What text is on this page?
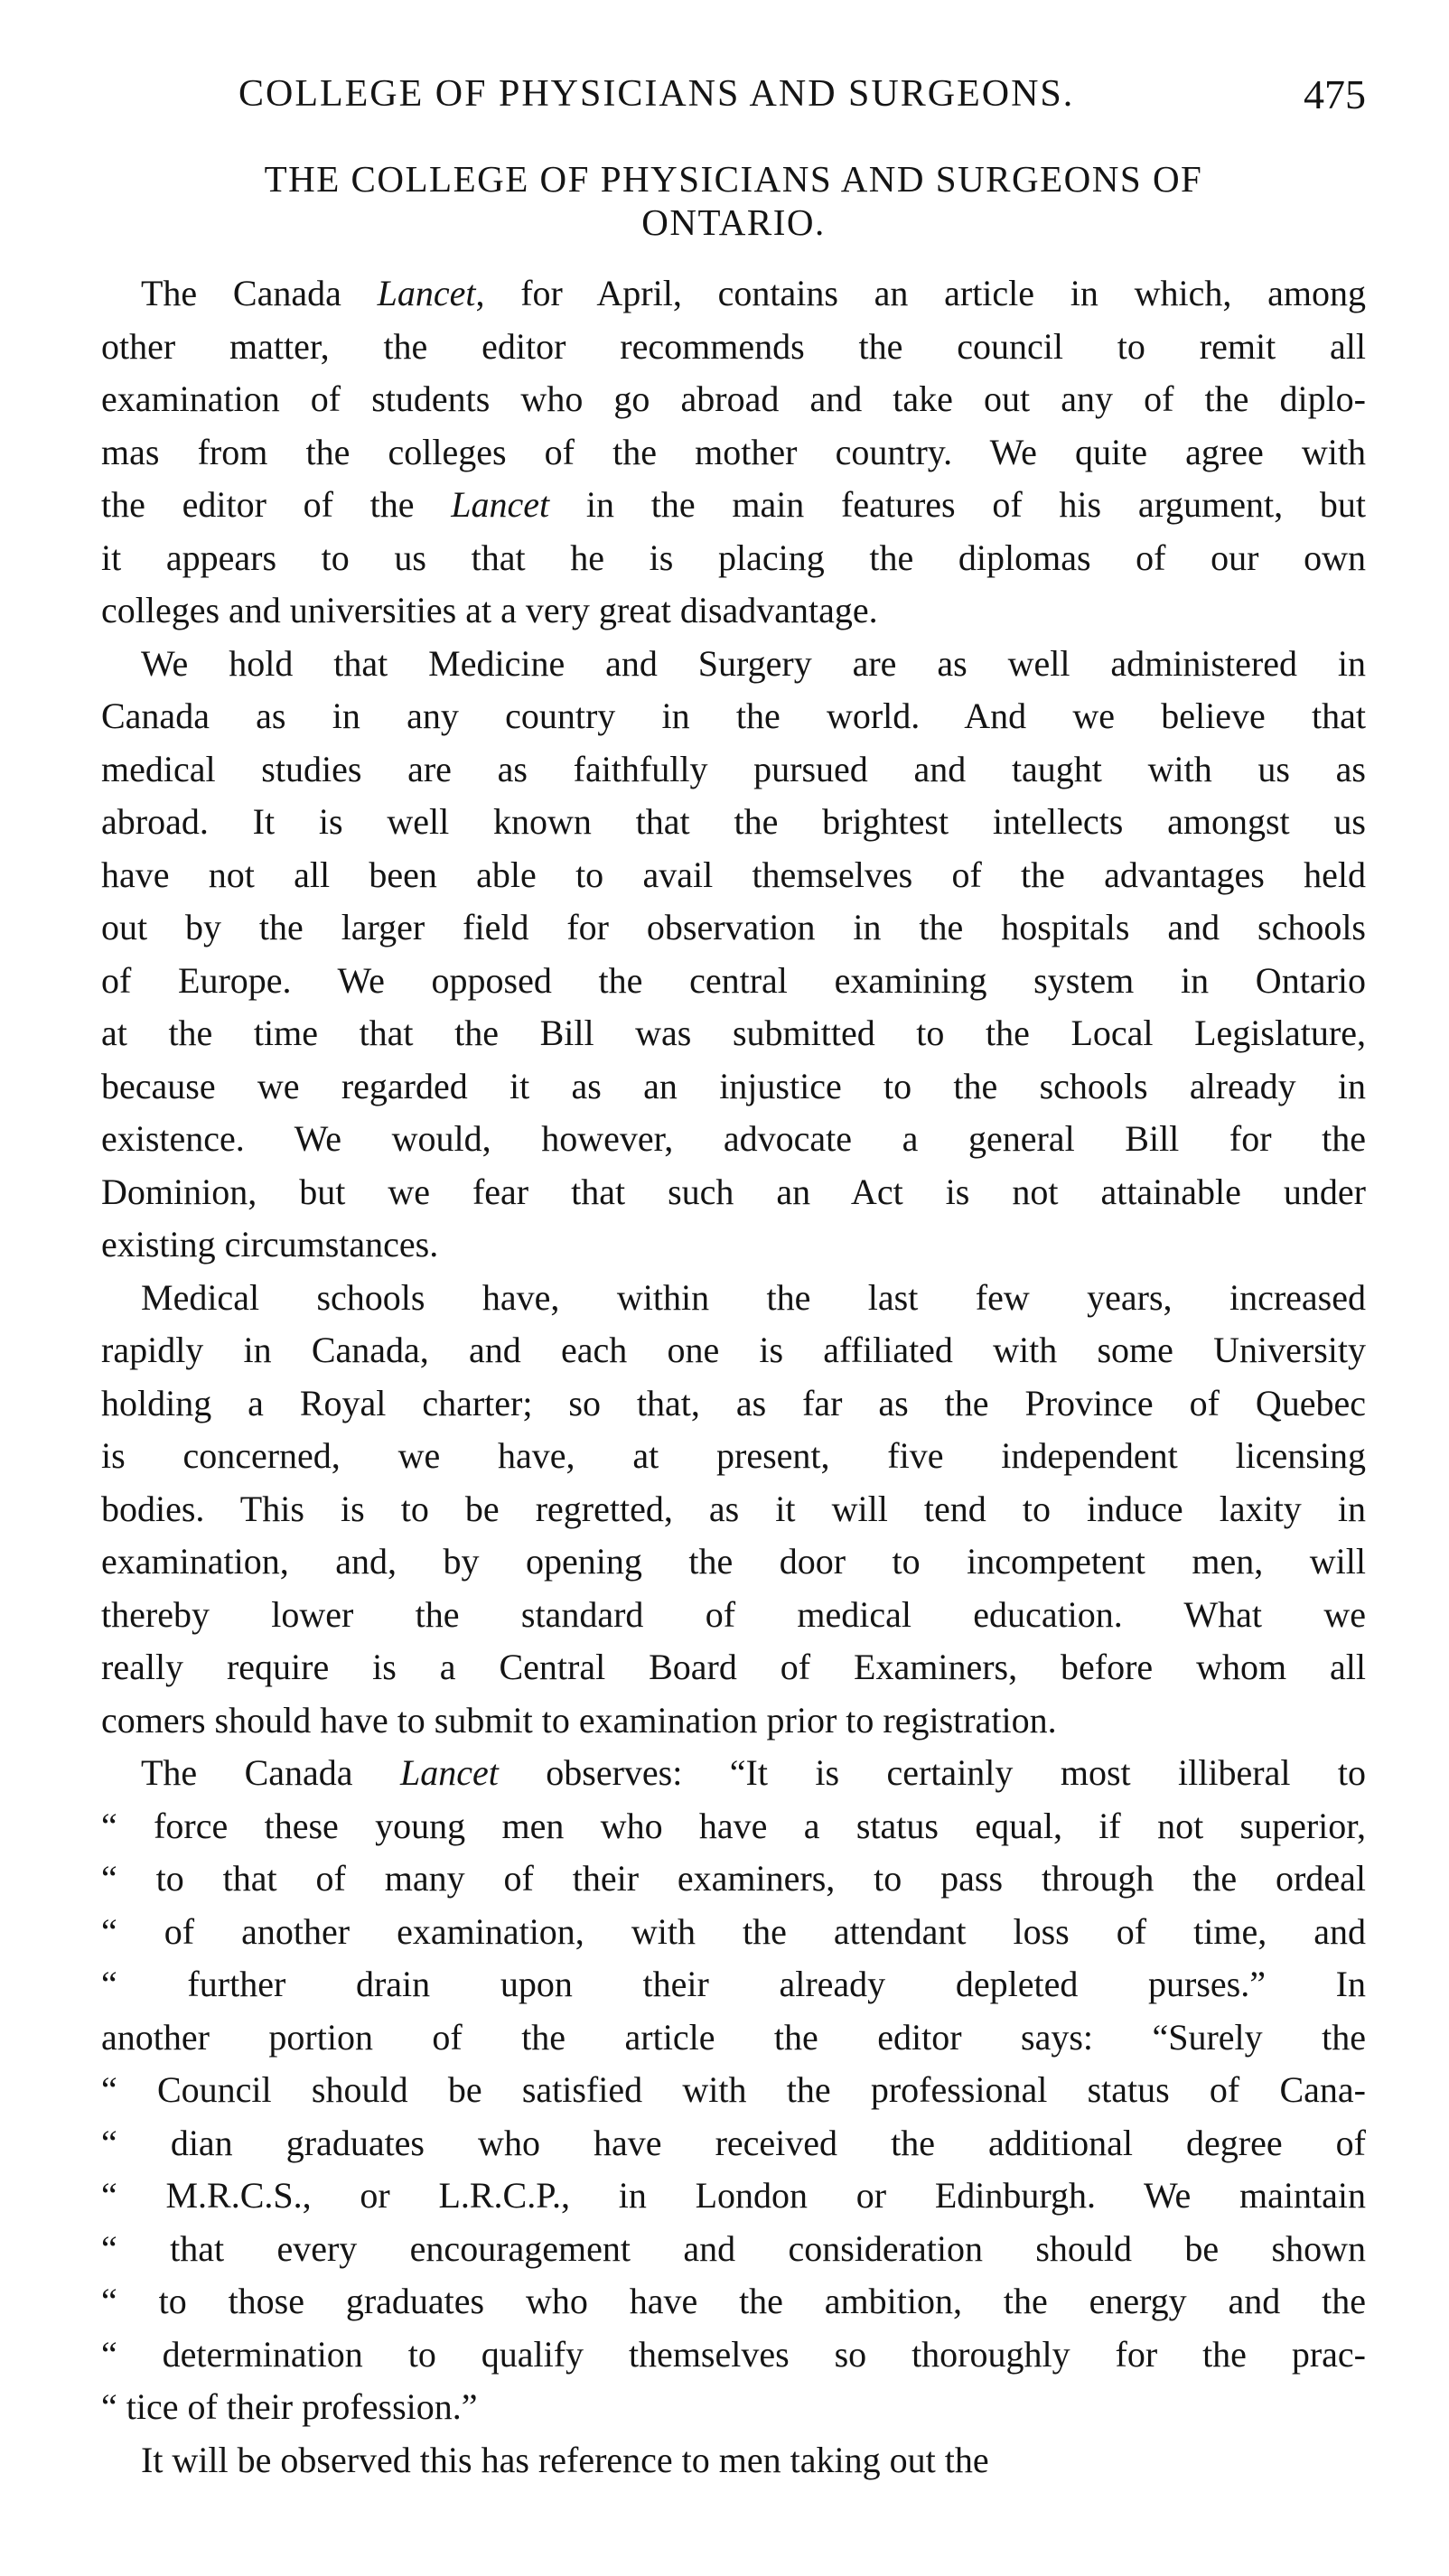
COLLEGE OF PHYSICIANS AND SURGEONS.	475
THE COLLEGE OF PHYSICIANS AND SURGEONS OF
ONTARIO.

The Canada Lancet, for April, contains an article in which, among
other matter, the editor recommends the council to remit all
examination of students who go abroad and take out any of the diplo-
mas from the colleges of the mother country. We quite agree with
the editor of the Lancet in the main features of his argument, but
it appears to us that he is placing the diplomas of our own
colleges and universities at a very great disadvantage.

We hold that Medicine and Surgery are as well administered in
Canada as in any country in the world. And we believe that
medical studies are as faithfully pursued and taught with us as
abroad. It is well known that the brightest intellects amongst us
have not all been able to avail themselves of the advantages held
out by the larger field for observation in the hospitals and schools
of Europe. We opposed the central examining system in Ontario
at the time that the Bill was submitted to the Local Legislature,
because we regarded it as an injustice to the schools already in
existence. We would, however, advocate a general Bill for the
Dominion, but we fear that such an Act is not attainable under
existing circumstances.

Medical schools have, within the last few years, increased
rapidly in Canada, and each one is affiliated with some University
holding a Royal charter; so that, as far as the Province of Quebec
is concerned, we have, at present, five independent licensing
bodies. This is to be regretted, as it will tend to induce laxity in
examination, and, by opening the door to incompetent men, will
thereby lower the standard of medical education. What we
really require is a Central Board of Examiners, before whom all
comers should have to submit to examination prior to registration.

The Canada Lancet observes: “It is certainly most illiberal to
“ force these young men who have a status equal, if not superior,
“ to that of many of their examiners, to pass through the ordeal
“ of another examination, with the attendant loss of time, and
“ further drain upon their already depleted purses.” In
another portion of the article the editor says: “Surely the
“ Council should be satisfied with the professional status of Cana-
“ dian graduates who have received the additional degree of
“ M.R.C.S., or L.R.C.P., in London or Edinburgh. We maintain
“ that every encouragement and consideration should be shown
“ to those graduates who have the ambition, the energy and the
“ determination to qualify themselves so thoroughly for the prac-
“ tice of their profession.”

It will be observed this has reference to men taking out the
